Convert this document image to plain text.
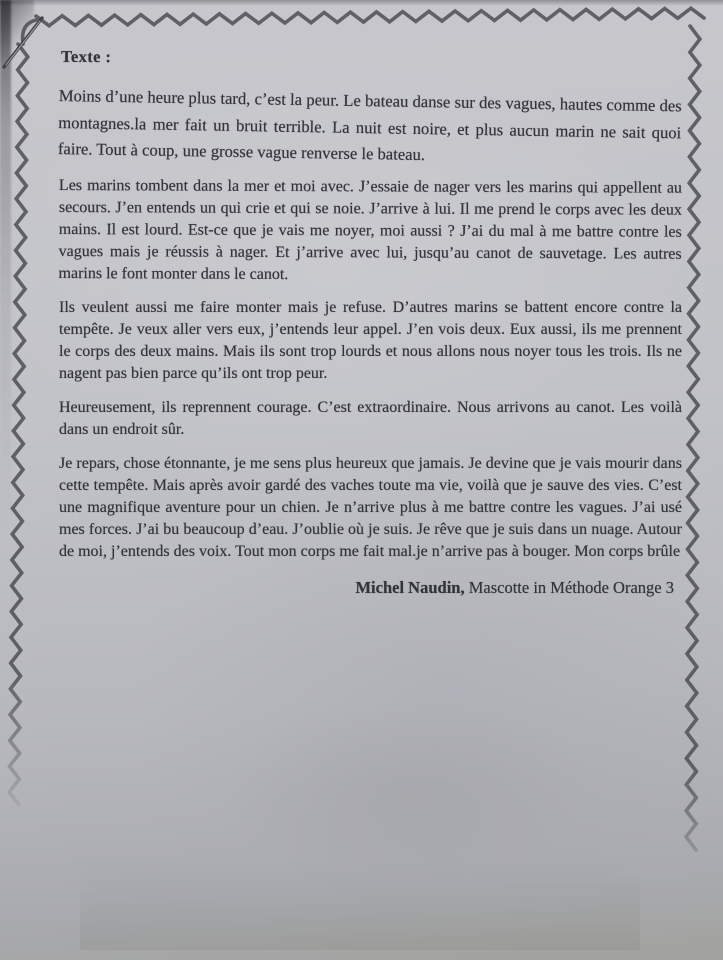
Texte :

Moins d’une heure plus tard, c’est la peur. Le bateau danse sur des vagues, hautes comme des montagnes.la mer fait un bruit terrible. La nuit est noire, et plus aucun marin ne sait quoi faire. Tout à coup, une grosse vague renverse le bateau.

Les marins tombent dans la mer et moi avec. J’essaie de nager vers les marins qui appellent au secours. J’en entends un qui crie et qui se noie. J’arrive à lui. Il me prend le corps avec les deux mains. Il est lourd. Est-ce que je vais me noyer, moi aussi ? J’ai du mal à me battre contre les vagues mais je réussis à nager. Et j’arrive avec lui, jusqu’au canot de sauvetage. Les autres marins le font monter dans le canot.

Ils veulent aussi me faire monter mais je refuse. D’autres marins se battent encore contre la tempête. Je veux aller vers eux, j’entends leur appel. J’en vois deux. Eux aussi, ils me prennent le corps des deux mains. Mais ils sont trop lourds et nous allons nous noyer tous les trois. Ils ne nagent pas bien parce qu’ils ont trop peur.

Heureusement, ils reprennent courage. C’est extraordinaire. Nous arrivons au canot. Les voilà dans un endroit sûr.

Je repars, chose étonnante, je me sens plus heureux que jamais. Je devine que je vais mourir dans cette tempête. Mais après avoir gardé des vaches toute ma vie, voilà que je sauve des vies. C’est une magnifique aventure pour un chien. Je n’arrive plus à me battre contre les vagues. J’ai usé mes forces. J’ai bu beaucoup d’eau. J’oublie où je suis. Je rêve que je suis dans un nuage. Autour de moi, j’entends des voix. Tout mon corps me fait mal.je n’arrive pas à bouger. Mon corps brûle

Michel Naudin, Mascotte in Méthode Orange 3
